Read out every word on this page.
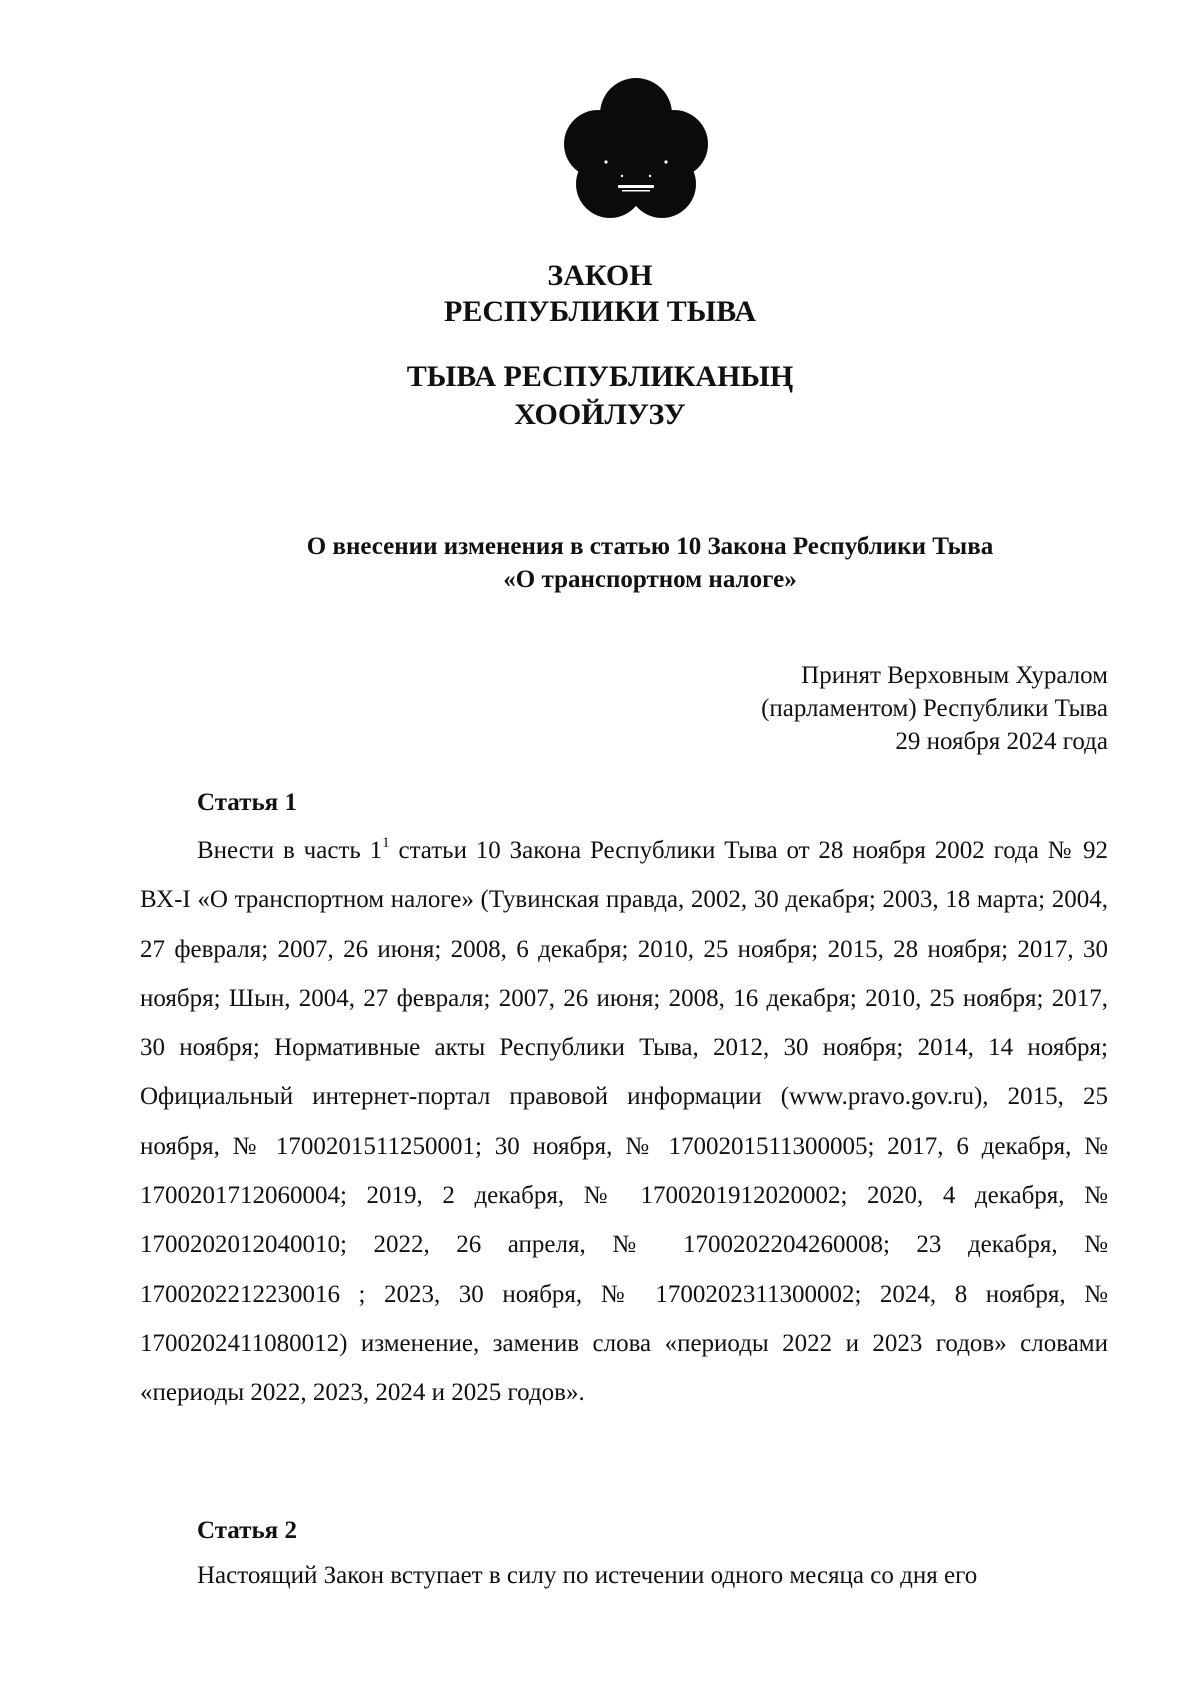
ЗАКОН
РЕСПУБЛИКИ ТЫВА
ТЫВА РЕСПУБЛИКАНЫҢ
ХООЙЛУЗУ
О внесении изменения в статью 10 Закона Республики Тыва
«О транспортном налоге»
Принят Верховным Хуралом
(парламентом) Республики Тыва
29 ноября 2024 года
Статья 1

Внести в часть $1^1$ статьи 10 Закона Республики Тыва от 28 ноября 2002 года № 92 ВХ-I «О транспортном налоге» (Тувинская правда, 2002, 30 декабря; 2003, 18 марта; 2004, 27 февраля; 2007, 26 июня; 2008, 6 декабря; 2010, 25 ноября; 2015, 28 ноября; 2017, 30 ноября; Шын, 2004, 27 февраля; 2007, 26 июня; 2008, 16 декабря; 2010, 25 ноября; 2017, 30 ноября; Нормативные акты Республики Тыва, 2012, 30 ноября; 2014, 14 ноября; Официальный интернет-портал правовой информации (www.pravo.gov.ru), 2015, 25 ноября, № 1700201511250001; 30 ноября, № 1700201511300005; 2017, 6 декабря, № 1700201712060004; 2019, 2 декабря, № 1700201912020002; 2020, 4 декабря, № 1700202012040010; 2022, 26 апреля, № 1700202204260008; 23 декабря, № 1700202212230016 ; 2023, 30 ноября, № 1700202311300002; 2024, 8 ноября, № 1700202411080012) изменение, заменив слова «периоды 2022 и 2023 годов» словами «периоды 2022, 2023, 2024 и 2025 годов».

Статья 2

Настоящий Закон вступает в силу по истечении одного месяца со дня его
